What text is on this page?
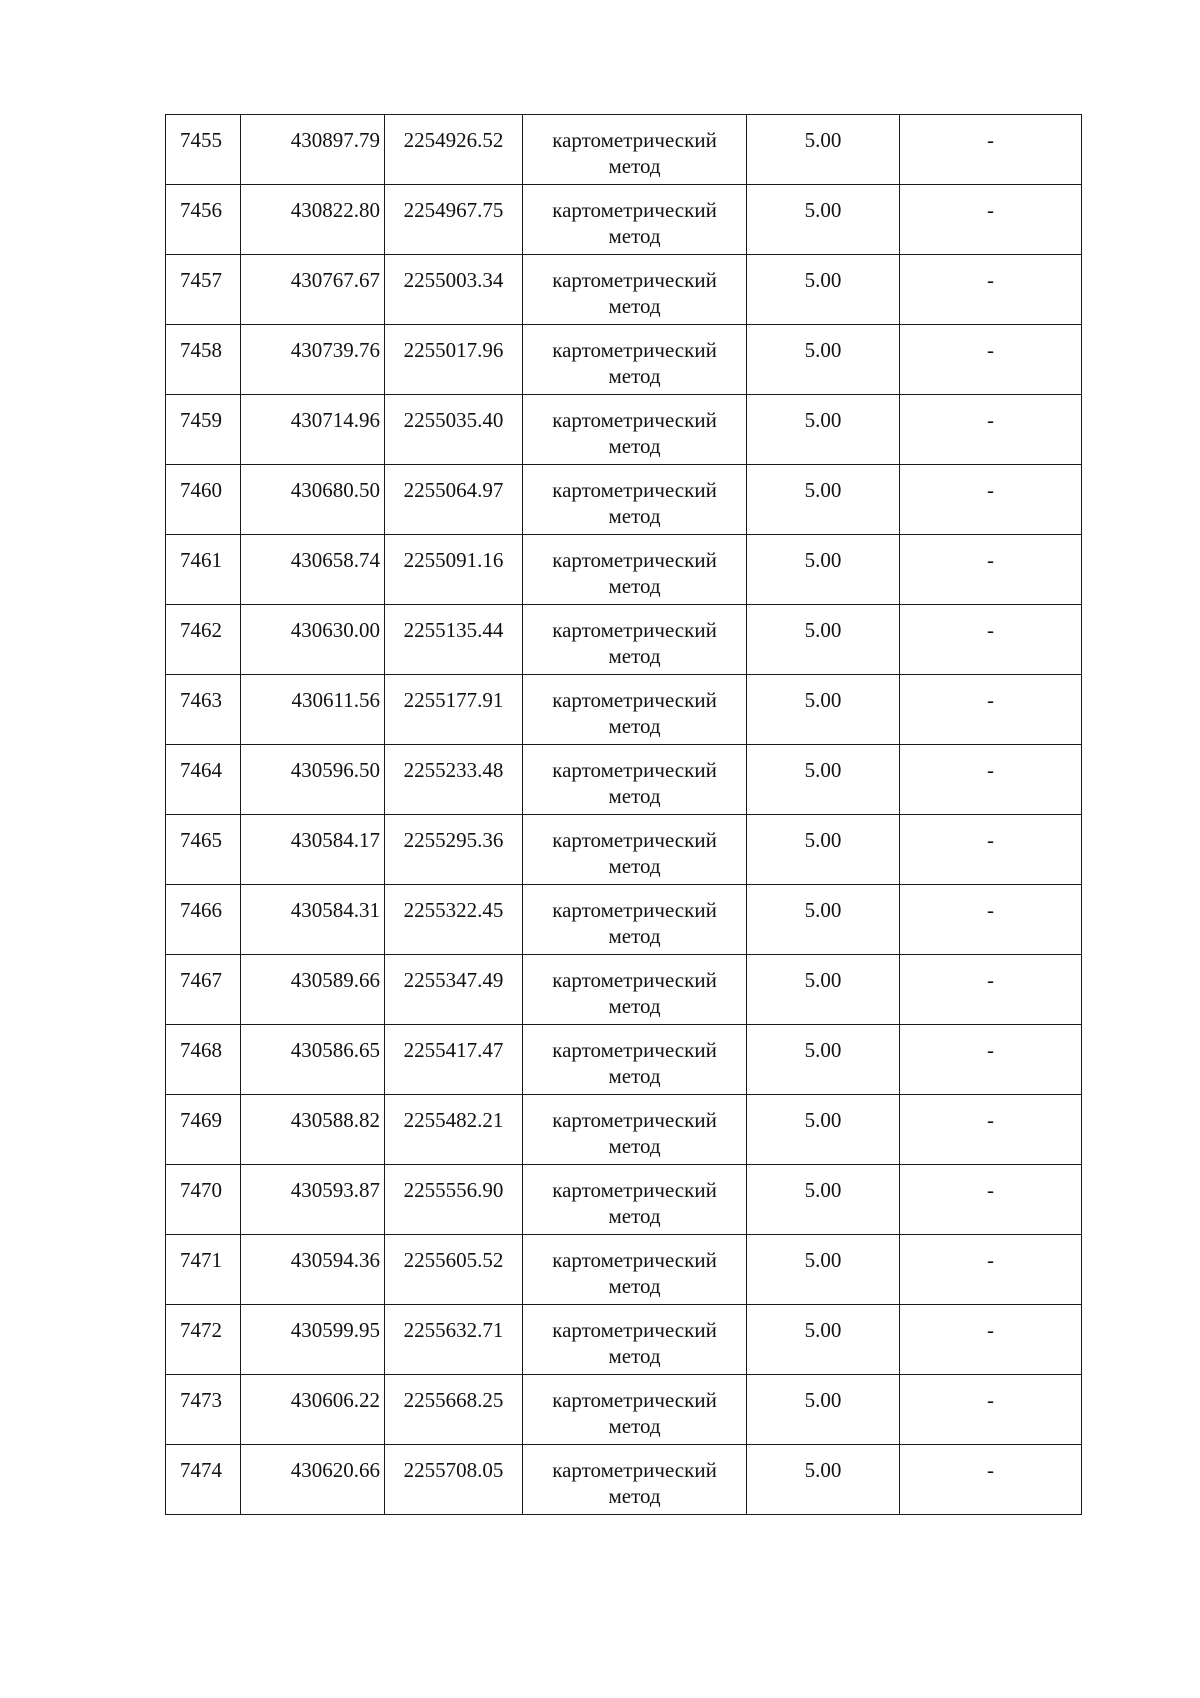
7455	430897.79	2254926.52	картометрический метод	5.00	-
7456	430822.80	2254967.75	картометрический метод	5.00	-
7457	430767.67	2255003.34	картометрический метод	5.00	-
7458	430739.76	2255017.96	картометрический метод	5.00	-
7459	430714.96	2255035.40	картометрический метод	5.00	-
7460	430680.50	2255064.97	картометрический метод	5.00	-
7461	430658.74	2255091.16	картометрический метод	5.00	-
7462	430630.00	2255135.44	картометрический метод	5.00	-
7463	430611.56	2255177.91	картометрический метод	5.00	-
7464	430596.50	2255233.48	картометрический метод	5.00	-
7465	430584.17	2255295.36	картометрический метод	5.00	-
7466	430584.31	2255322.45	картометрический метод	5.00	-
7467	430589.66	2255347.49	картометрический метод	5.00	-
7468	430586.65	2255417.47	картометрический метод	5.00	-
7469	430588.82	2255482.21	картометрический метод	5.00	-
7470	430593.87	2255556.90	картометрический метод	5.00	-
7471	430594.36	2255605.52	картометрический метод	5.00	-
7472	430599.95	2255632.71	картометрический метод	5.00	-
7473	430606.22	2255668.25	картометрический метод	5.00	-
7474	430620.66	2255708.05	картометрический метод	5.00	-
